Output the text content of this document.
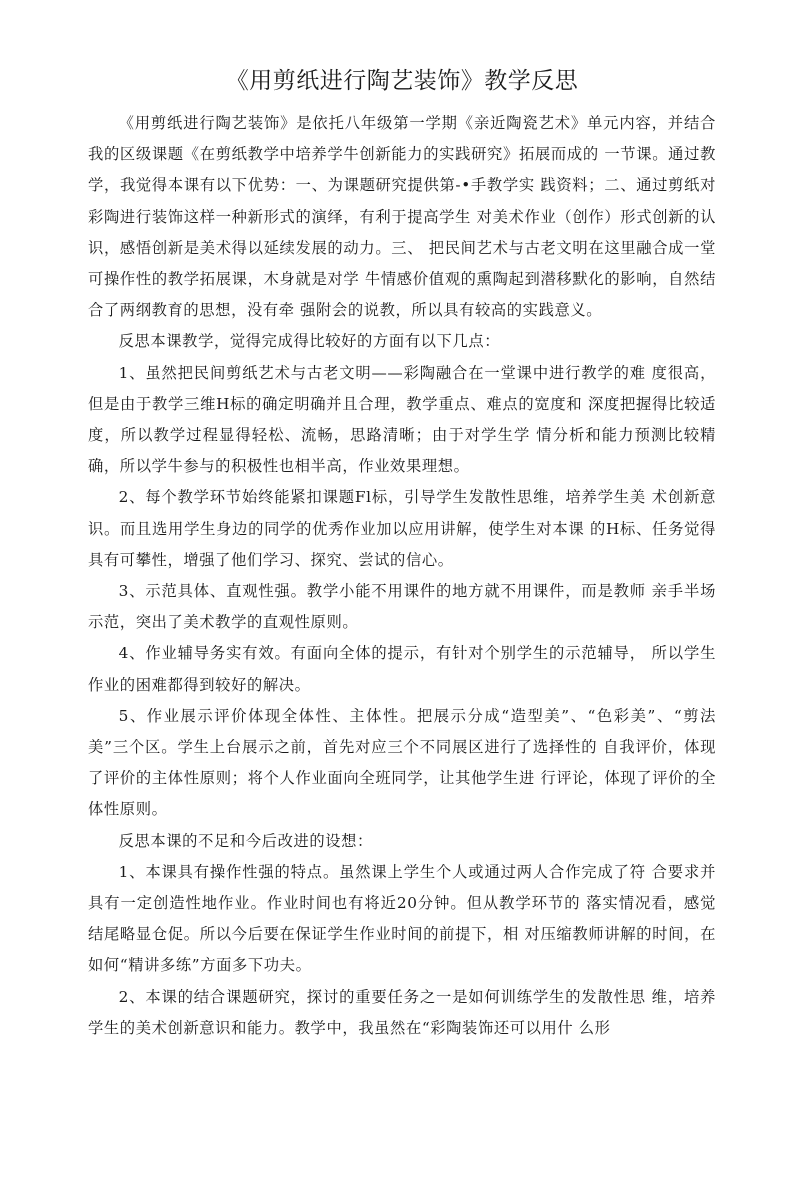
《用剪纸进行陶艺装饰》教学反思

《用剪纸进行陶艺装饰》是依托八年级第一学期《亲近陶瓷艺术》单元内容，并结合我的区级课题《在剪纸教学中培养学牛创新能力的实践研究》拓展而成的 一节课。通过教学，我觉得本课有以下优势：一、为课题研究提供第-•手教学实 践资料；二、通过剪纸对彩陶进行装饰这样一种新形式的演绎，有利于提高学生 对美术作业（创作）形式创新的认识，感悟创新是美术得以延续发展的动力。三、 把民间艺术与古老文明在这里融合成一堂可操作性的教学拓展课，木身就是对学 牛情感价值观的熏陶起到潜移默化的影响，自然结合了两纲教育的思想，没有牵 强附会的说教，所以具有较高的实践意义。

反思本课教学，觉得完成得比较好的方面有以下几点：

1、虽然把民间剪纸艺术与古老文明——彩陶融合在一堂课中进行教学的难 度很高，但是由于教学三维H标的确定明确并且合理，教学重点、难点的宽度和 深度把握得比较适度，所以教学过程显得轻松、流畅，思路清晰；由于对学生学 情分析和能力预测比较精确，所以学牛参与的积极性也相半高，作业效果理想。

2、每个教学环节始终能紧扣课题Fl标，引导学生发散性思维，培养学生美 术创新意识。而且选用学生身边的同学的优秀作业加以应用讲解，使学生对本课 的H标、任务觉得具有可攀性，增强了他们学习、探究、尝试的信心。

3、示范具体、直观性强。教学小能不用课件的地方就不用课件，而是教师 亲手半场示范，突出了美术教学的直观性原则。

4、作业辅导务实有效。有面向全体的提示，有针对个别学生的示范辅导， 所以学生作业的困难都得到较好的解决。

5、作业展示评价体现全体性、主体性。把展示分成“造型美”、“色彩美”、“剪法美”三个区。学生上台展示之前，首先对应三个不同展区进行了选择性的 自我评价，体现了评价的主体性原则；将个人作业面向全班同学，让其他学生进 行评论，体现了评价的全体性原则。

反思本课的不足和今后改进的设想：

1、本课具有操作性强的特点。虽然课上学生个人或通过两人合作完成了符 合要求并具有一定创造性地作业。作业时间也有将近20分钟。但从教学环节的 落实情况看，感觉结尾略显仓促。所以今后要在保证学生作业时间的前提下，相 对压缩教师讲解的时间，在如何“精讲多练”方面多下功夫。

2、本课的结合课题研究，探讨的重要任务之一是如何训练学生的发散性思 维，培养学生的美术创新意识和能力。教学中，我虽然在“彩陶装饰还可以用什 么形
